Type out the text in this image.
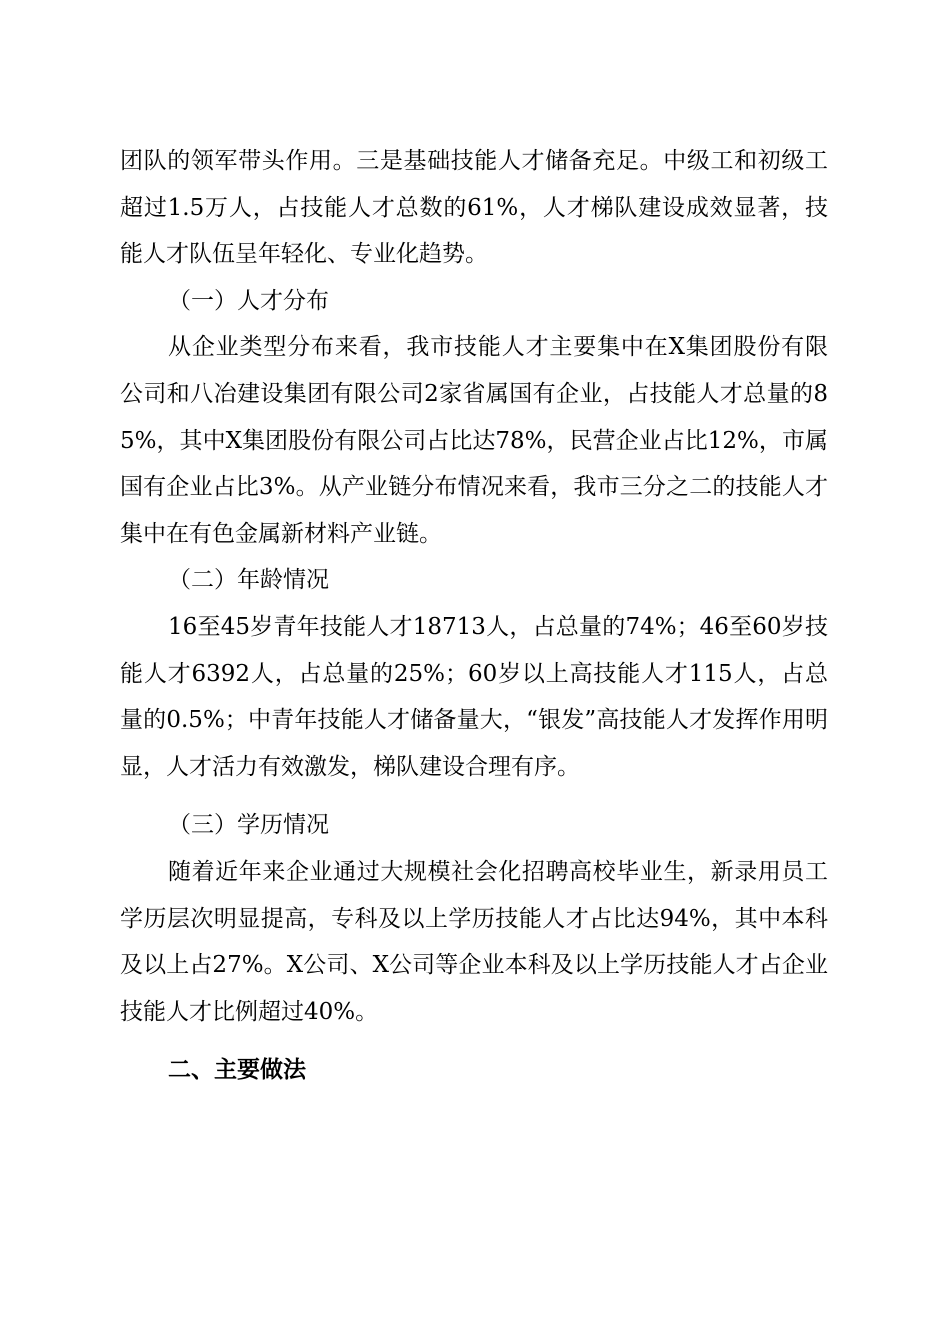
团队的领军带头作用。三是基础技能人才储备充足。中级工和初级工超过1.5万人，占技能人才总数的61%，人才梯队建设成效显著，技能人才队伍呈年轻化、专业化趋势。

（一）人才分布

从企业类型分布来看，我市技能人才主要集中在X集团股份有限公司和八冶建设集团有限公司2家省属国有企业，占技能人才总量的85%，其中X集团股份有限公司占比达78%，民营企业占比12%，市属国有企业占比3%。从产业链分布情况来看，我市三分之二的技能人才集中在有色金属新材料产业链。

（二）年龄情况

16至45岁青年技能人才18713人，占总量的74%；46至60岁技能人才6392人，占总量的25%；60岁以上高技能人才115人，占总量的0.5%；中青年技能人才储备量大，“银发”高技能人才发挥作用明显，人才活力有效激发，梯队建设合理有序。

（三）学历情况

随着近年来企业通过大规模社会化招聘高校毕业生，新录用员工学历层次明显提高，专科及以上学历技能人才占比达94%，其中本科及以上占27%。X公司、X公司等企业本科及以上学历技能人才占企业技能人才比例超过40%。

二、主要做法
